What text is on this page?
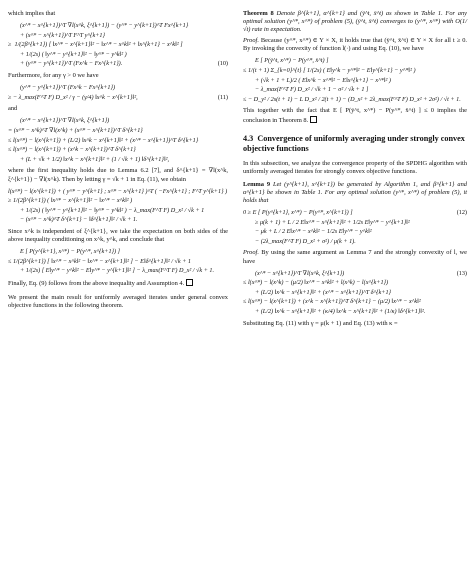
which implies that

(x^* − x^{k+1})^T ∇l(x^k, ξ^{k+1}) − (y^* − y^{k+1})^T Fx^{k+1}
+ (x^* − x^{k+1})^T F^T y^{k+1}
≥  1/(2β^{k+1}) [ ‖x^* − x^{k+1}‖² − ‖x^* − x^k‖² + ‖x^{k+1} − x^k‖² ]
+ 1/(2s) ( ‖y^* − y^{k+1}‖² − ‖y^* − y^k‖² )
+ (y^* − y^{k+1})^T (Fx^k − Fx^{k+1}).	(10)

Furthermore, for any γ > 0 we have

(y^* − y^{k+1})^T (Fx^k − Fx^{k+1})
≥ − λ_max(F^T F) D_x² / γ − (γ/4) ‖x^k − x^{k+1}‖²,	(11)

and

(x^* − x^{k+1})^T ∇l(x^k, ξ^{k+1})
= (x^* − x^k)^T ∇l(x^k) + (x^* − x^{k+1})^T δ^{k+1}
≤ l(x^*) − l(x^{k+1}) + (L/2) ‖x^k − x^{k+1}‖² + (x^* − x^{k+1})^T δ^{k+1}
≤ l(x^*) − l(x^{k+1}) + (x^k − x^{k+1})^T δ^{k+1}
+ (L + √k + 1/2) ‖x^k − x^{k+1}‖² + (1 / √k + 1) ‖δ^{k+1}‖²,

where the first inequality holds due to Lemma 6.2 [7], and δ^{k+1} = ∇l(x^k, ξ^{k+1}) − ∇l(x^k). Then by letting γ = √k + 1 in Eq. (11), we obtain

l(x^*) − l(x^{k+1}) + ( y^* − y^{k+1} ; x^* − x^{k+1} )^T ( −Fx^{k+1} ; F^T y^{k+1} )
≥ 1/(2β^{k+1}) ( ‖x^* − x^{k+1}‖² − ‖x^* − x^k‖² )
+ 1/(2s) ( ‖y^* − y^{k+1}‖² − ‖y^* − y^k‖² ) − λ_max(F^T F) D_x² / √k + 1
− (x^* − x^k)^T δ^{k+1} − ‖δ^{k+1}‖² / √k + 1.

Since x^k is independent of ξ^{k+1}, we take the expectation on both sides of the above inequality conditioning on x^k, y^k, and conclude that

E [ P(y^{k+1}, x^*) − P(y^*, x^{k+1}) ]
≤ 1/(2β^{k+1}) [ ‖x^* − x^k‖² − ‖x^* − x^{k+1}‖² ] − E‖δ^{k+1}‖² / √k + 1
+ 1/(2s) [ E‖y^* − y^k‖² − E‖y^* − y^{k+1}‖² ] − λ_max(F^T F) D_x² / √k + 1.

Finally, Eq. (9) follows from the above inequality and Assumption 4.

We present the main result for uniformly averaged iterates under general convex objective functions in the following theorem.

Theorem 8 Denote β^{k+1}, α^{k+1} and (ȳ^t, x̄^t) as shown in Table 1. For any optimal solution (y^*, x^*) of problem (5), (ȳ^t, x̄^t) converges to (y^*, x^*) with O(1/√t) rate in expectation.

Proof. Because (y^*, x^*) ∈ Y × X, it holds true that (ȳ^t, x̄^t) ∈ Y × X for all t ≥ 0. By invoking the convexity of function l(·) and using Eq. (10), we have

E [ P(ȳ^t, x^*) − P(y^*, x̄^t) ]
≤ 1/(t + 1) Σ_{k=0}^{t} [ 1/(2s) ( E‖y^k − y^*‖² − E‖y^{k+1} − y^*‖² )
+ (√k + 1 + L)/2 ( E‖x^k − x^*‖² − E‖x^{k+1} − x^*‖² )
− λ_max(F^T F) D_x² / √k + 1 − σ² / √k + 1 ]
≤ − D_y² / 2s(t + 1) − L D_x² / 2(t + 1) − (D_x² + 2λ_max(F^T F) D_x² + 2σ²) / √t + 1.

This together with the fact that E [ P(ȳ^t, x^*) − P(y^*, x̄^t) ] ≤ 0 implies the conclusion in Theorem 8.

4.3 Convergence of uniformly averaging under strongly convex objective functions

In this subsection, we analyze the convergence property of the SPDHG algorithm with uniformly averaged iterates for strongly convex objective functions.

Lemma 9 Let (y^{k+1}, x^{k+1}) be generated by Algorithm 1, and β^{k+1} and α^{k+1} be shown in Table 1. For any optimal solution (y^*, x^*) of problem (5), it holds that

0 ≥ E [ P(y^{k+1}, x^*) − P(y^*, x^{k+1}) ]	(12)
≥ μ(k + 1) + L / 2 E‖x^* − x^{k+1}‖² + 1/2s E‖y^* − y^{k+1}‖²
− μk + L / 2 E‖x^* − x^k‖² − 1/2s E‖y^* − y^k‖²
− (2λ_max(F^T F) D_x² + σ²) / μ(k + 1).

Proof. By using the same argument as Lemma 7 and the strongly convexity of l, we have

(x^* − x^{k+1})^T ∇l(x^k, ξ^{k+1})	(13)
≤ l(x^*) − l(x^k) − (μ/2) ‖x^* − x^k‖² + l(x^k) − l(x^{k+1})
+ (L/2) ‖x^k − x^{k+1}‖² + (x^* − x^{k+1})^T δ^{k+1}
≤ l(x^*) − l(x^{k+1}) + (x^k − x^{k+1})^T δ^{k+1} − (μ/2) ‖x^* − x^k‖²
+ (L/2) ‖x^k − x^{k+1}‖² + (κ/4) ‖x^k − x^{k+1}‖² + (1/κ) ‖δ^{k+1}‖².

Substituting Eq. (11) with γ = μ(k + 1) and Eq. (13) with κ =
